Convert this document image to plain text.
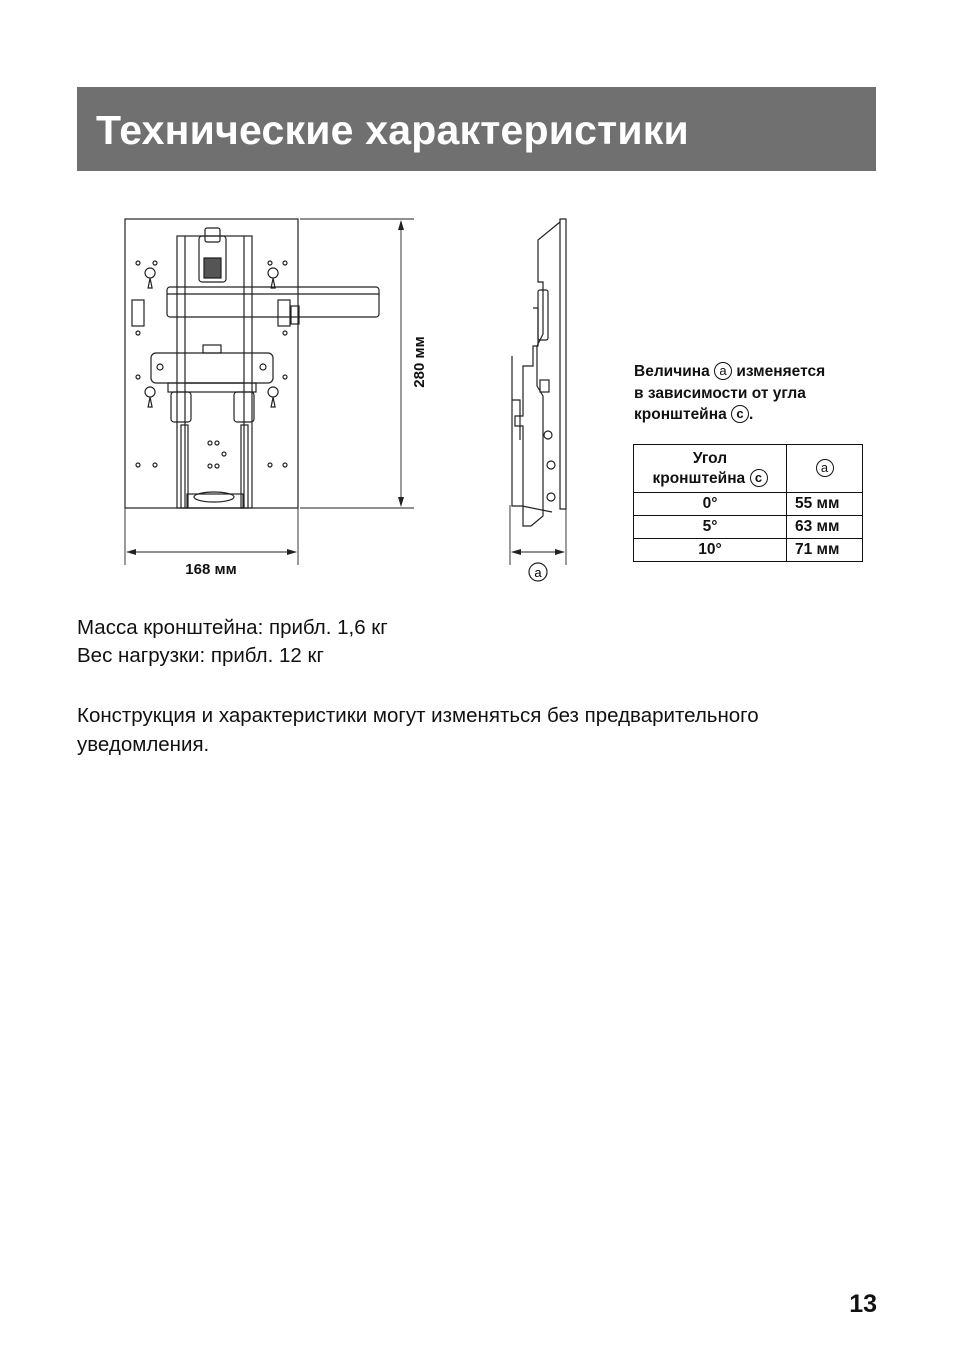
Технические характеристики
168 мм
280 мм
a
Величина a изменяется
в зависимости от угла
кронштейна c .
Угол
кронштейна c	a
0°	55 мм
5°	63 мм
10°	71 мм
Масса кронштейна: прибл. 1,6 кг
Вес нагрузки: прибл. 12 кг
Конструкция и характеристики могут изменяться без предварительного
уведомления.
13
